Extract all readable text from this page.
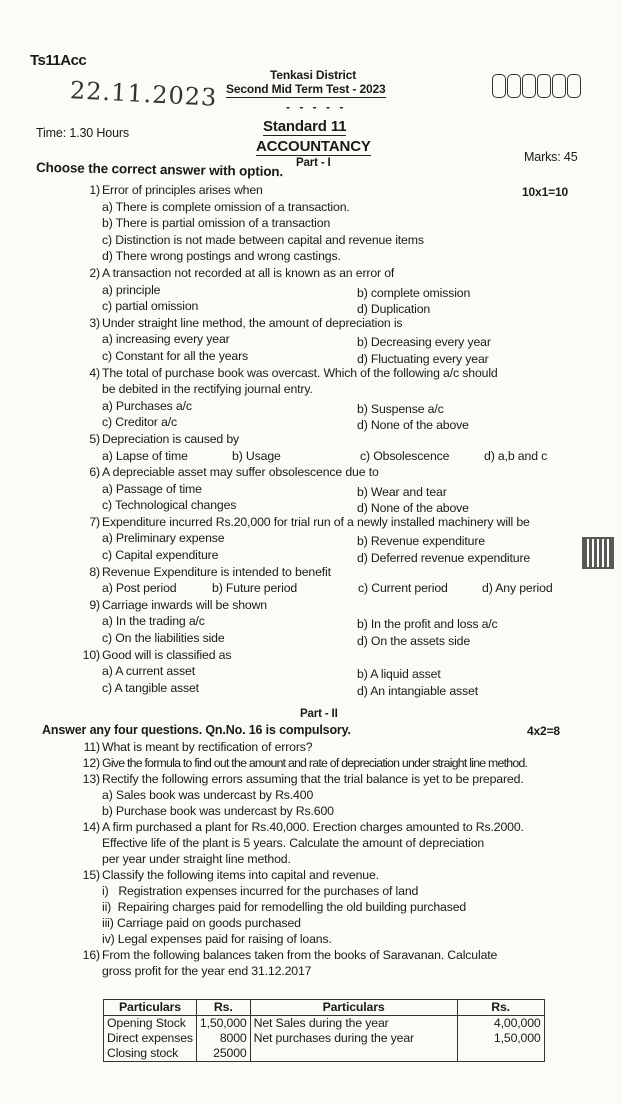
Ts11Acc
22.11.2023
Time: 1.30 Hours
Tenkasi District
Second Mid Term Test - 2023
- - - - -
Standard 11
ACCOUNTANCY
Part - I	Marks: 45
Choose the correct answer with option.
10x1=10
1) Error of principles arises when
a) There is complete omission of a transaction.
b) There is partial omission of a transaction
c) Distinction is not made between capital and revenue items
d) There wrong postings and wrong castings.
2) A transaction not recorded at all is known as an error of
a) principle	b) complete omission
c) partial omission	d) Duplication
3) Under straight line method, the amount of depreciation is
a) increasing every year	b) Decreasing every year
c) Constant for all the years	d) Fluctuating every year
4) The total of purchase book was overcast. Which of the following a/c should
be debited in the rectifying journal entry.
a) Purchases a/c	b) Suspense a/c
c) Creditor a/c	d) None of the above
5) Depreciation is caused by
a) Lapse of time	b) Usage	c) Obsolescence	d) a,b and c
6) A depreciable asset may suffer obsolescence due to
a) Passage of time	b) Wear and tear
c) Technological changes	d) None of the above
7) Expenditure incurred Rs.20,000 for trial run of a newly installed machinery will be
a) Preliminary expense	b) Revenue expenditure
c) Capital expenditure	d) Deferred revenue expenditure
8) Revenue Expenditure is intended to benefit
a) Post period	b) Future period	c) Current period	d) Any period
9) Carriage inwards will be shown
a) In the trading a/c	b) In the profit and loss a/c
c) On the liabilities side	d) On the assets side
10) Good will is classified as
a) A current asset	b) A liquid asset
c) A tangible asset	d) An intangiable asset
Part - II
Answer any four questions. Qn.No. 16 is compulsory.	4x2=8
11) What is meant by rectification of errors?
12) Give the formula to find out the amount and rate of depreciation under straight line method.
13) Rectify the following errors assuming that the trial balance is yet to be prepared.
a) Sales book was undercast by Rs.400
b) Purchase book was undercast by Rs.600
14) A firm purchased a plant for Rs.40,000. Erection charges amounted to Rs.2000.
Effective life of the plant is 5 years. Calculate the amount of depreciation
per year under straight line method.
15) Classify the following items into capital and revenue.
i)   Registration expenses incurred for the purchases of land
ii)  Repairing charges paid for remodelling the old building purchased
iii) Carriage paid on goods purchased
iv) Legal expenses paid for raising of loans.
16) From the following balances taken from the books of Saravanan. Calculate
gross profit for the year end 31.12.2017
Particulars	Rs.	Particulars	Rs.
Opening Stock	1,50,000	Net Sales during the year	4,00,000
Direct expenses	8000	Net purchases during the year	1,50,000
Closing stock	25000		
